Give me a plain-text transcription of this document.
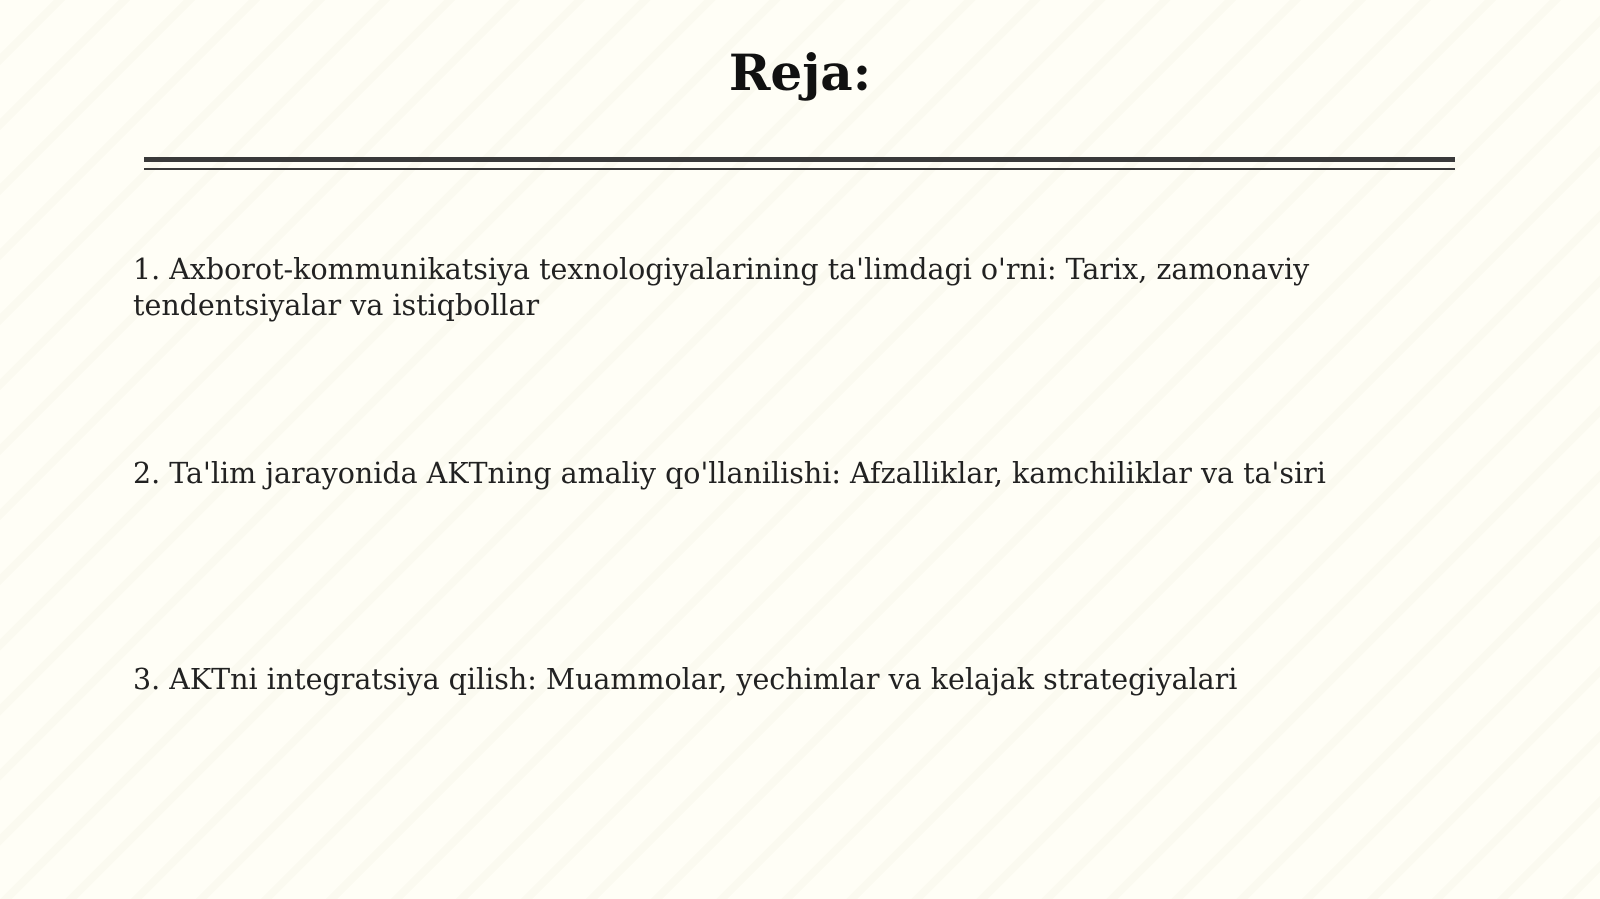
Reja:
1. Axborot-kommunikatsiya texnologiyalarining ta'limdagi o'rni: Tarix, zamonaviy tendentsiyalar va istiqbollar
2. Ta'lim jarayonida AKTning amaliy qo'llanilishi: Afzalliklar, kamchiliklar va ta'siri
3. AKTni integratsiya qilish: Muammolar, yechimlar va kelajak strategiyalari
